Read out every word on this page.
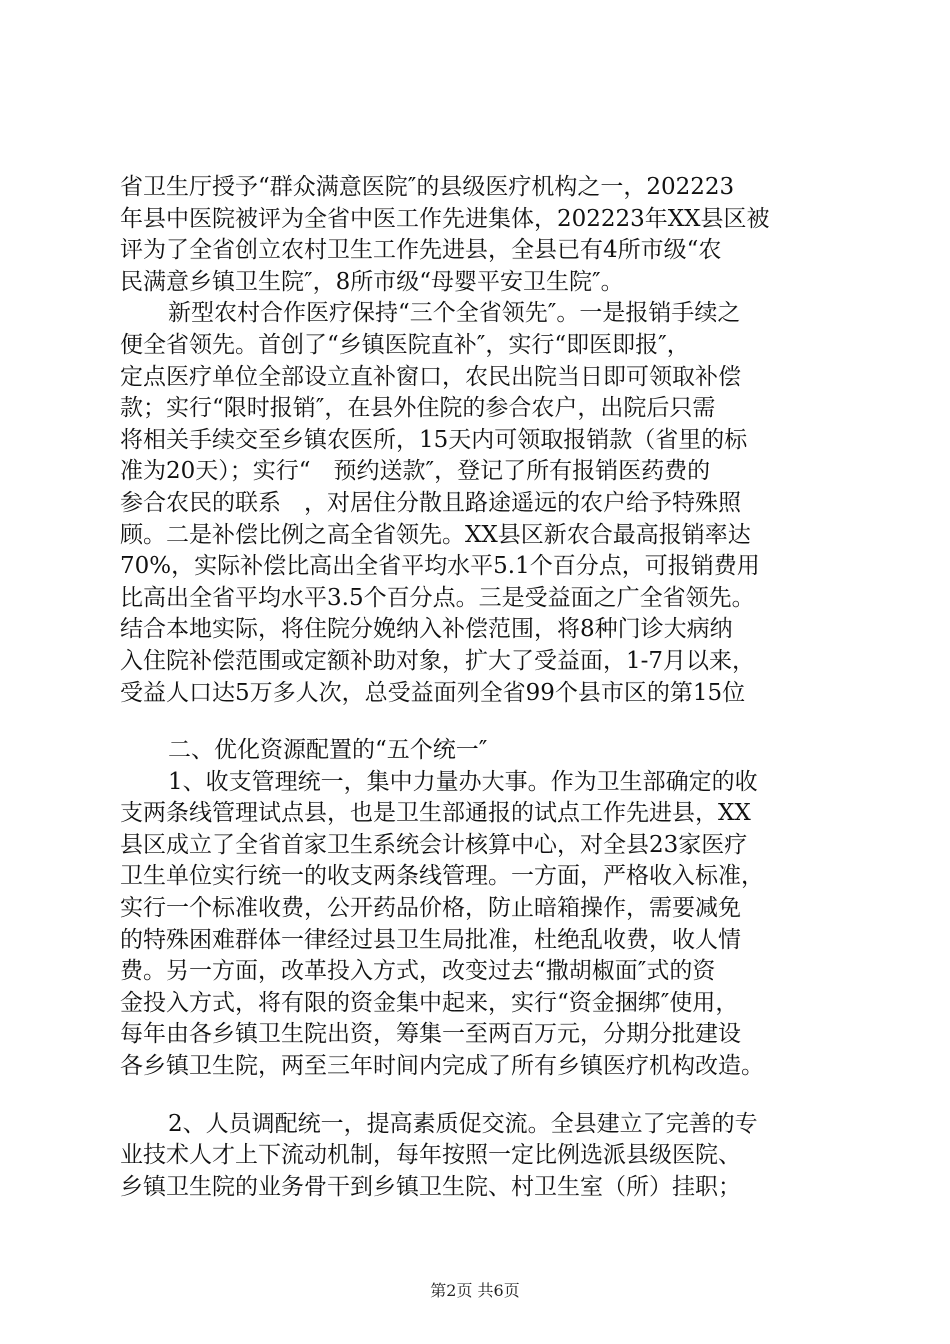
省卫生厅授予“群众满意医院″的县级医疗机构之一，202223
年县中医院被评为全省中医工作先进集体，202223年XX县区被
评为了全省创立农村卫生工作先进县，全县已有4所市级“农
民满意乡镇卫生院″，8所市级“母婴平安卫生院″。
新型农村合作医疗保持“三个全省领先″。一是报销手续之
便全省领先。首创了“乡镇医院直补″，实行“即医即报″，
定点医疗单位全部设立直补窗口，农民出院当日即可领取补偿
款；实行“限时报销″，在县外住院的参合农户，出院后只需
将相关手续交至乡镇农医所，15天内可领取报销款（省里的标
准为20天）；实行“　预约送款″，登记了所有报销医药费的
参合农民的联系　，对居住分散且路途遥远的农户给予特殊照
顾。二是补偿比例之高全省领先。XX县区新农合最高报销率达
70%，实际补偿比高出全省平均水平5.1个百分点，可报销费用
比高出全省平均水平3.5个百分点。三是受益面之广全省领先。
结合本地实际，将住院分娩纳入补偿范围，将8种门诊大病纳
入住院补偿范围或定额补助对象，扩大了受益面，1-7月以来，
受益人口达5万多人次，总受益面列全省99个县市区的第15位
二、优化资源配置的“五个统一″
1、收支管理统一，集中力量办大事。作为卫生部确定的收
支两条线管理试点县，也是卫生部通报的试点工作先进县，XX
县区成立了全省首家卫生系统会计核算中心，对全县23家医疗
卫生单位实行统一的收支两条线管理。一方面，严格收入标准，
实行一个标准收费，公开药品价格，防止暗箱操作，需要减免
的特殊困难群体一律经过县卫生局批准，杜绝乱收费，收人情
费。另一方面，改革投入方式，改变过去“撒胡椒面″式的资
金投入方式，将有限的资金集中起来，实行“资金捆绑″使用，
每年由各乡镇卫生院出资，筹集一至两百万元，分期分批建设
各乡镇卫生院，两至三年时间内完成了所有乡镇医疗机构改造。
2、人员调配统一，提高素质促交流。全县建立了完善的专
业技术人才上下流动机制，每年按照一定比例选派县级医院、
乡镇卫生院的业务骨干到乡镇卫生院、村卫生室（所）挂职；
第2页 共6页
